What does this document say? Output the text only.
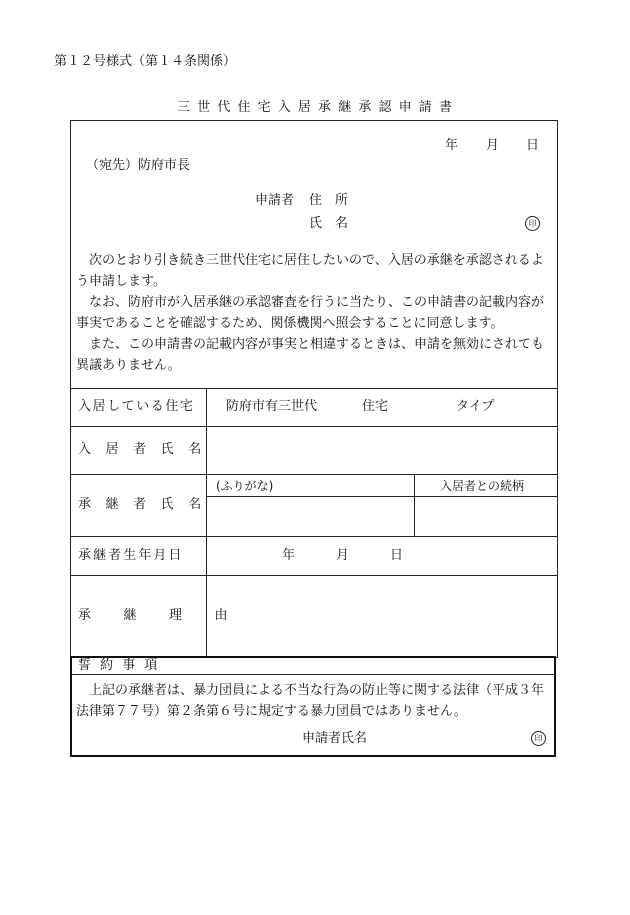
第１２号様式（第１４条関係）
三世代住宅入居承継承認申請書
年 月 日
（宛先）防府市長
申請者 住　所
氏　名	印

次のとおり引き続き三世代住宅に居住したいので、入居の承継を承認されるよう申請します。

なお、防府市が入居承継の承認審査を行うに当たり、この申請書の記載内容が事実であることを確認するため、関係機関へ照会することに同意します。

また、この申請書の記載内容が事実と相違するときは、申請を無効にされても異議ありません。

入居している住宅 防府市有三世代	住宅	タイプ
入居者氏名
承継者氏名
(ふりがな)	入居者との続柄
承継者生年月日	年	月	日
承継理由
誓約事項
上記の承継者は、暴力団員による不当な行為の防止等に関する法律（平成３年法律第７７号）第２条第６号に規定する暴力団員ではありません。
申請者氏名	印
